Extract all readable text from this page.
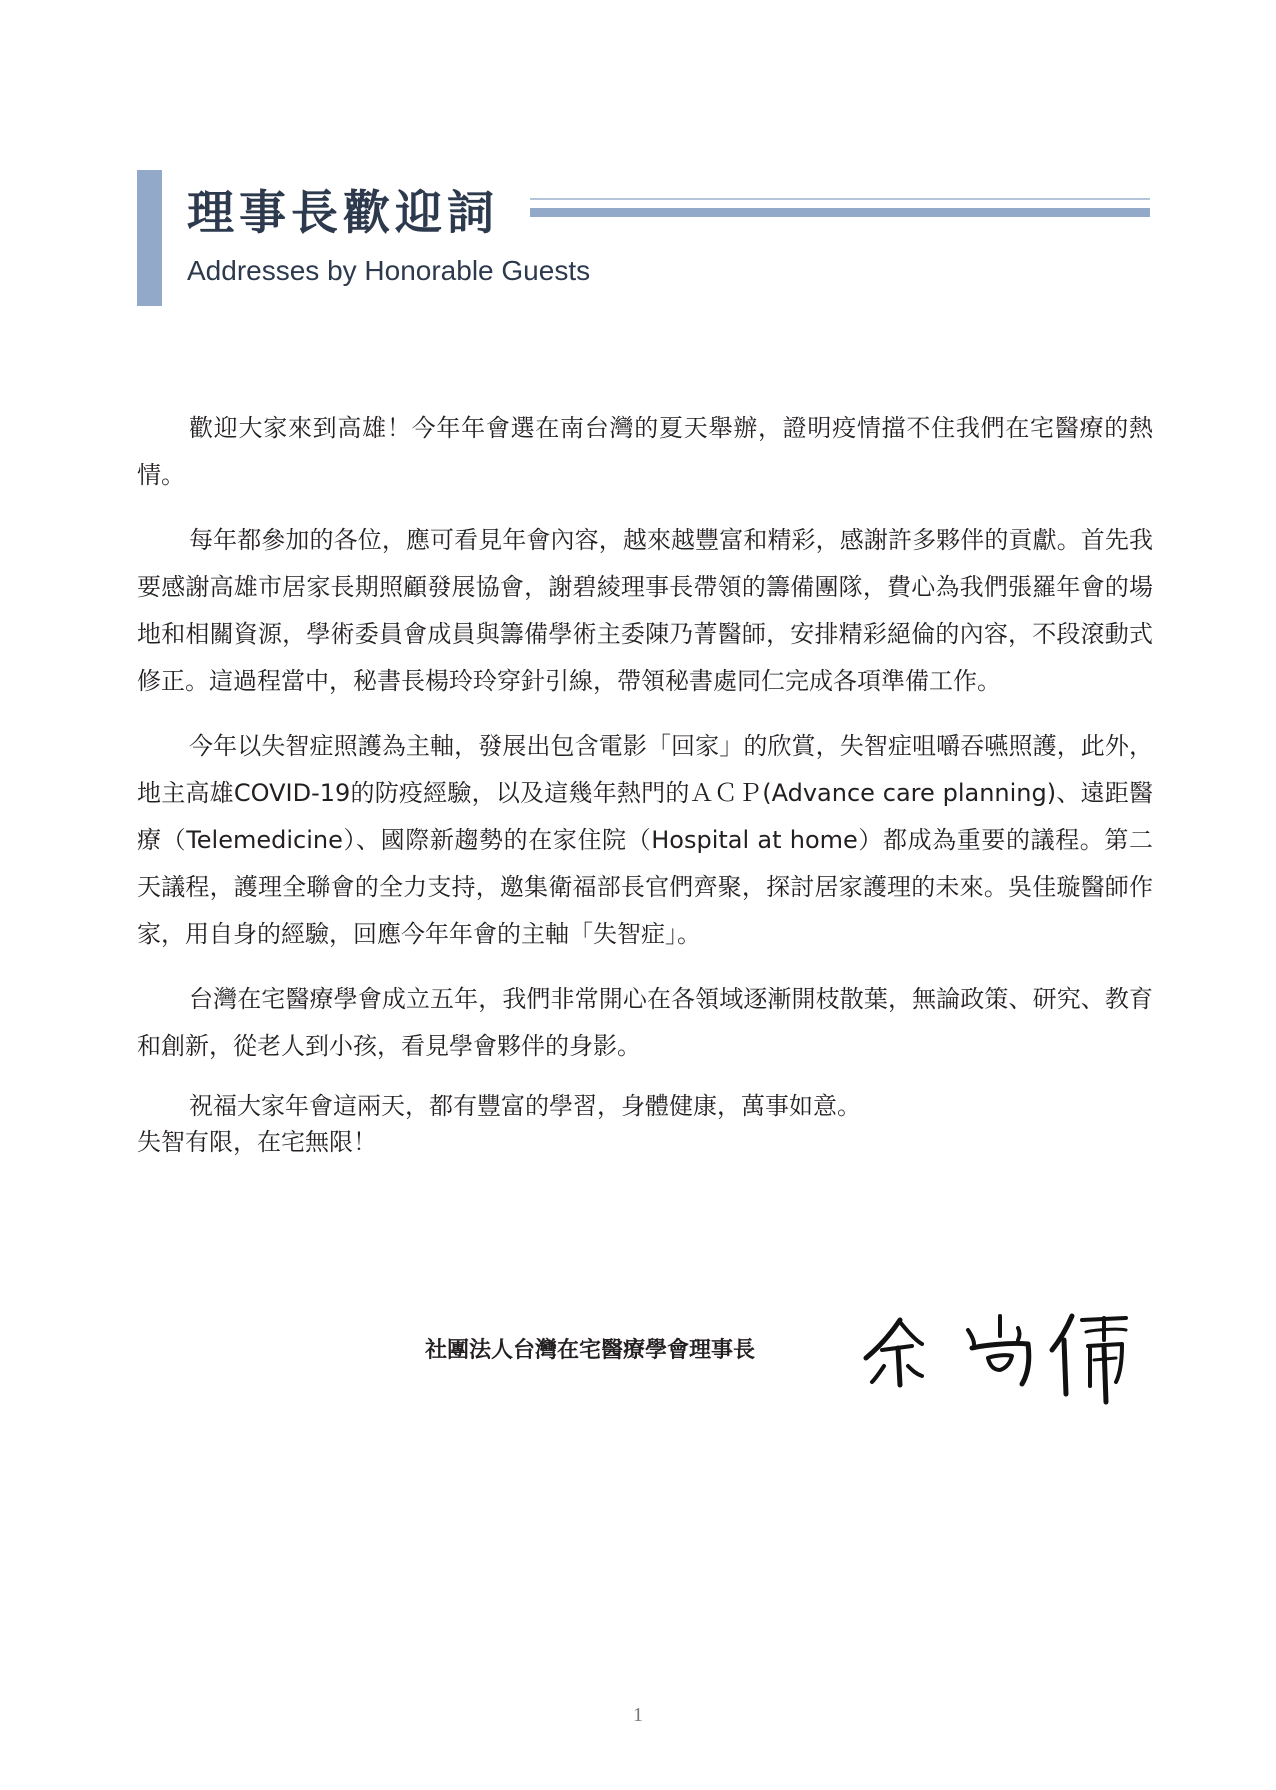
理事長歡迎詞
Addresses by Honorable Guests

歡迎大家來到高雄！今年年會選在南台灣的夏天舉辦，證明疫情擋不住我們在宅醫療的熱情。

每年都參加的各位，應可看見年會內容，越來越豐富和精彩，感謝許多夥伴的貢獻。首先我要感謝高雄市居家長期照顧發展協會，謝碧綾理事長帶領的籌備團隊，費心為我們張羅年會的場地和相關資源，學術委員會成員與籌備學術主委陳乃菁醫師，安排精彩絕倫的內容，不段滾動式修正。這過程當中，秘書長楊玲玲穿針引線，帶領秘書處同仁完成各項準備工作。

今年以失智症照護為主軸，發展出包含電影「回家」的欣賞，失智症咀嚼吞嚥照護，此外，地主高雄COVID-19的防疫經驗，以及這幾年熱門的ＡＣＰ(Advance care planning)、遠距醫療（Telemedicine）、國際新趨勢的在家住院（Hospital at home）都成為重要的議程。第二天議程，護理全聯會的全力支持，邀集衛福部長官們齊聚，探討居家護理的未來。吳佳璇醫師作家，用自身的經驗，回應今年年會的主軸「失智症」。

台灣在宅醫療學會成立五年，我們非常開心在各領域逐漸開枝散葉，無論政策、研究、教育和創新，從老人到小孩，看見學會夥伴的身影。

祝福大家年會這兩天，都有豐富的學習，身體健康，萬事如意。
失智有限，在宅無限！

社團法人台灣在宅醫療學會理事長
1
